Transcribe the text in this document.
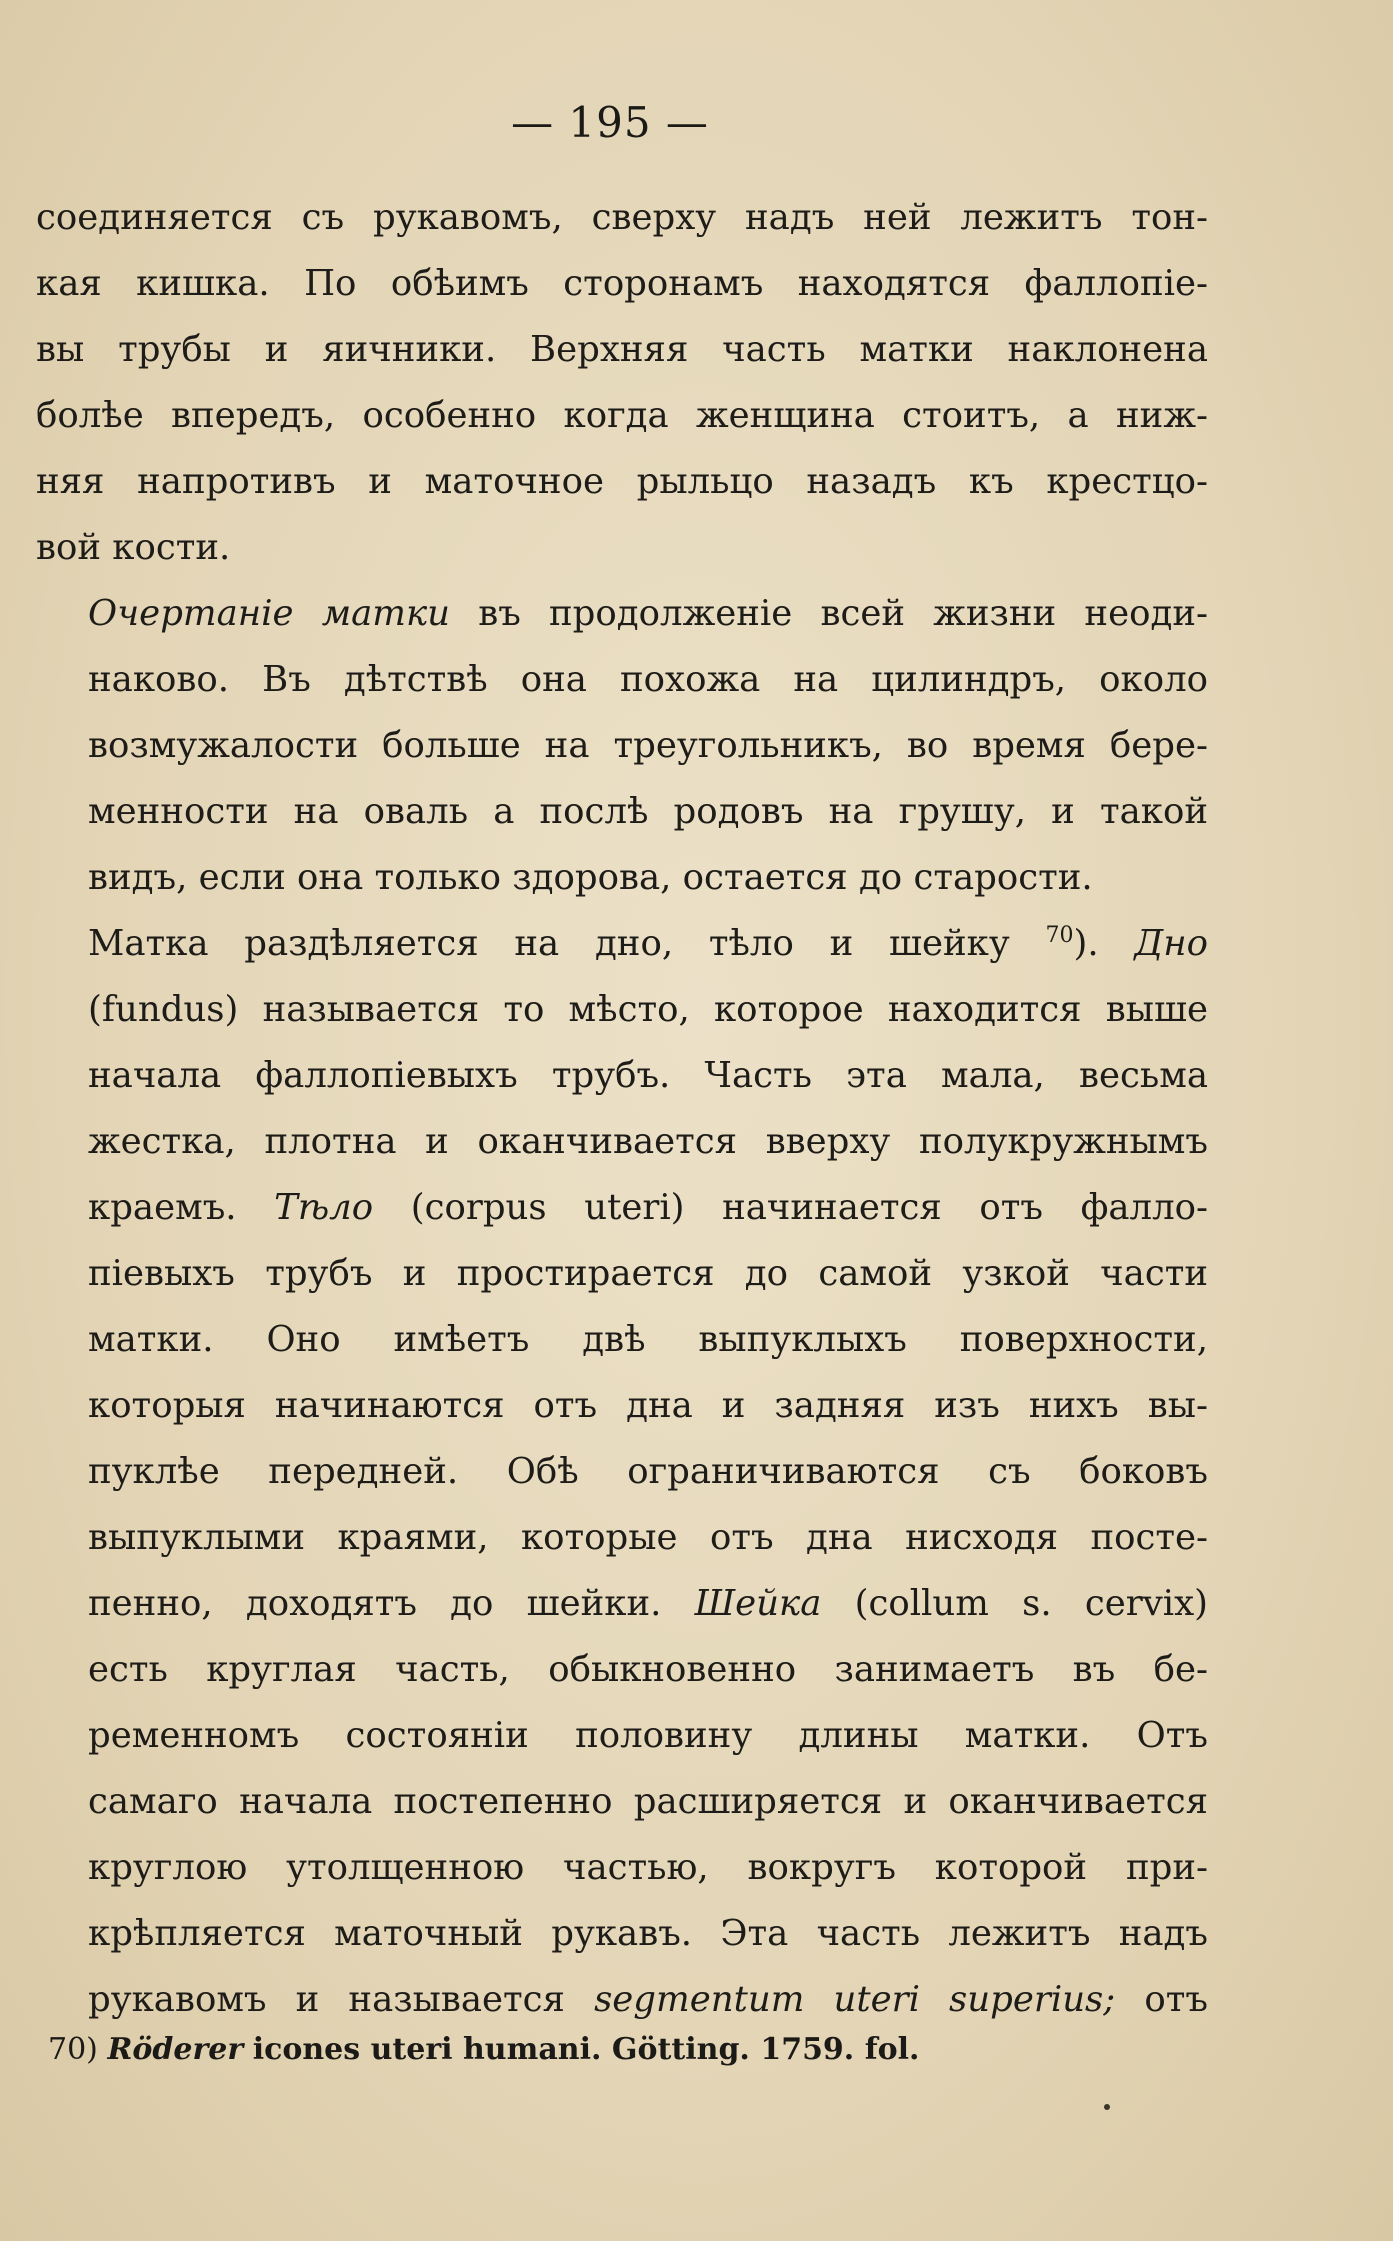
— 195 —

соединяется съ рукавомъ, сверху надъ ней лежитъ тон-
кая кишка. По обѣимъ сторонамъ находятся фаллопiе-
вы трубы и яичники. Верхняя часть матки наклонена
болѣе впередъ, особенно когда женщина стоитъ, а ниж-
няя напротивъ и маточное рыльцо назадъ къ крестцо-
вой кости.

Очертанiе матки въ продолженiе всей жизни неоди-
наково. Въ дѣтствѣ она похожа на цилиндръ, около
возмужалости больше на треугольникъ, во время бере-
менности на оваль а послѣ родовъ на грушу, и такой
видъ, если она только здорова, остается до старости.

Матка раздѣляется на дно, тѣло и шейку $^{70}$). Дно
(fundus) называется то мѣсто, которое находится выше
начала фаллопiевыхъ трубъ. Часть эта мала, весьма
жестка, плотна и оканчивается вверху полукружнымъ
краемъ. Тѣло (corpus uteri) начинается отъ фалло-
пiевыхъ трубъ и простирается до самой узкой части
матки. Оно имѣетъ двѣ выпуклыхъ поверхности,
которыя начинаются отъ дна и задняя изъ нихъ вы-
пуклѣе передней. Обѣ ограничиваются съ боковъ
выпуклыми краями, которые отъ дна нисходя посте-
пенно, доходятъ до шейки. Шейка (collum s. cervix)
есть круглая часть, обыкновенно занимаетъ въ бе-
ременномъ состоянiи половину длины матки. Отъ
самаго начала постепенно расширяется и оканчивается
круглою утолщенною частью, вокругъ которой при-
крѣпляется маточный рукавъ. Эта часть лежитъ надъ
рукавомъ и называется segmentum uteri superius; отъ

70) Röderer icones uteri humani. Götting. 1759. fol.
